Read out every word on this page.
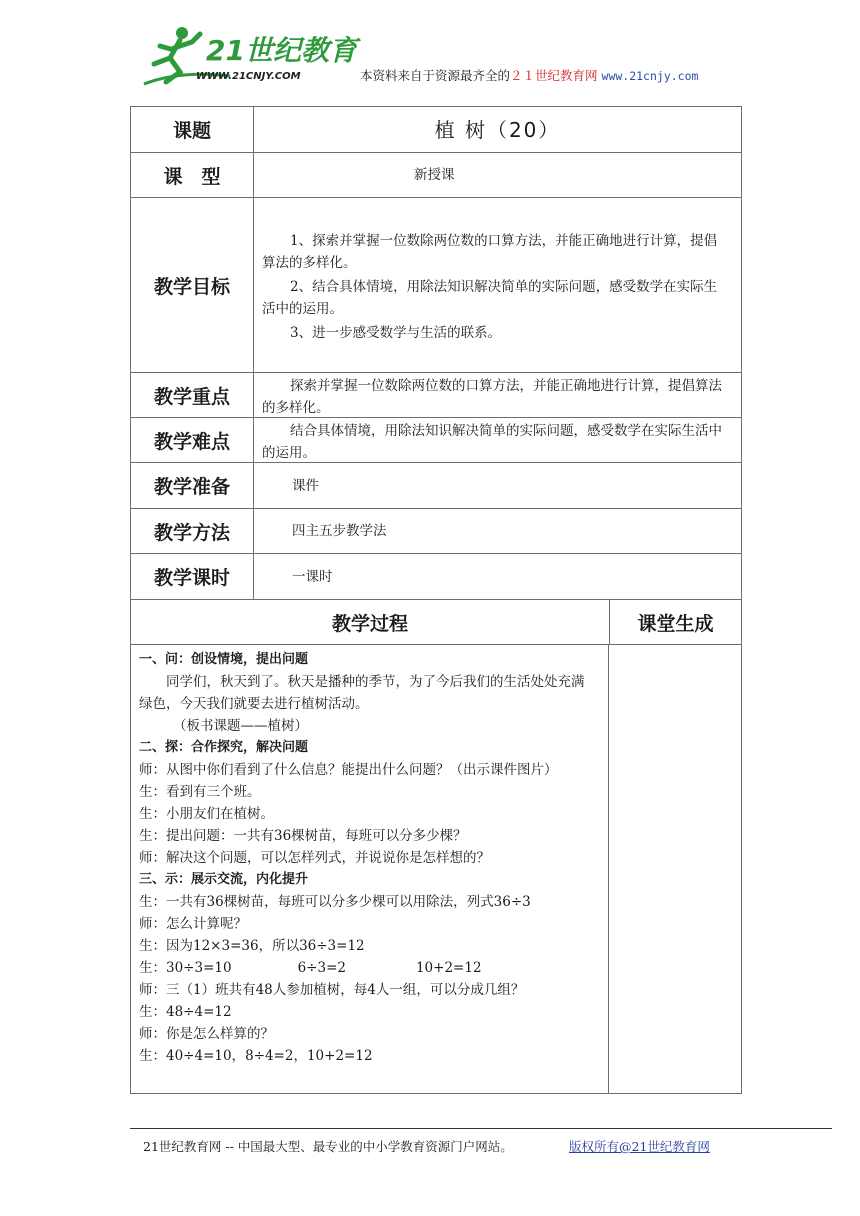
21世纪教育
WWW.21CNJY.COM	本资料来自于资源最齐全的２１世纪教育网 www.21cnjy.com
课题	植 树（20）
课　型	新授课
教学目标

1、探索并掌握一位数除两位数的口算方法，并能正确地进行计算，提倡算法的多样化。

2、结合具体情境，用除法知识解决简单的实际问题，感受数学在实际生活中的运用。

3、进一步感受数学与生活的联系。

教学重点	探索并掌握一位数除两位数的口算方法，并能正确地进行计算，提倡算法的多样化。

教学难点	结合具体情境，用除法知识解决简单的实际问题，感受数学在实际生活中的运用。

教学准备	课件
教学方法	四主五步教学法
教学课时	一课时
教学过程	课堂生成
一、问：创设情境，提出问题
同学们，秋天到了。秋天是播种的季节，为了今后我们的生活处处充满绿色，今天我们就要去进行植树活动。
（板书课题——植树）
二、探：合作探究，解决问题
师：从图中你们看到了什么信息？能提出什么问题？（出示课件图片）
生：看到有三个班。
生：小朋友们在植树。
生：提出问题：一共有36棵树苗，每班可以分多少棵？
师：解决这个问题，可以怎样列式，并说说你是怎样想的？
三、示：展示交流，内化提升
生：一共有36棵树苗，每班可以分多少棵可以用除法，列式36÷3
师：怎么计算呢？
生：因为12×3=36，所以36÷3=12
生：30÷3=10	6÷3=2	10+2=12
师：三（1）班共有48人参加植树，每4人一组，可以分成几组？
生：48÷4=12
师：你是怎么样算的？
生：40÷4=10，8÷4=2，10+2=12
21世纪教育网 -- 中国最大型、最专业的中小学教育资源门户网站。	版权所有@21世纪教育网
